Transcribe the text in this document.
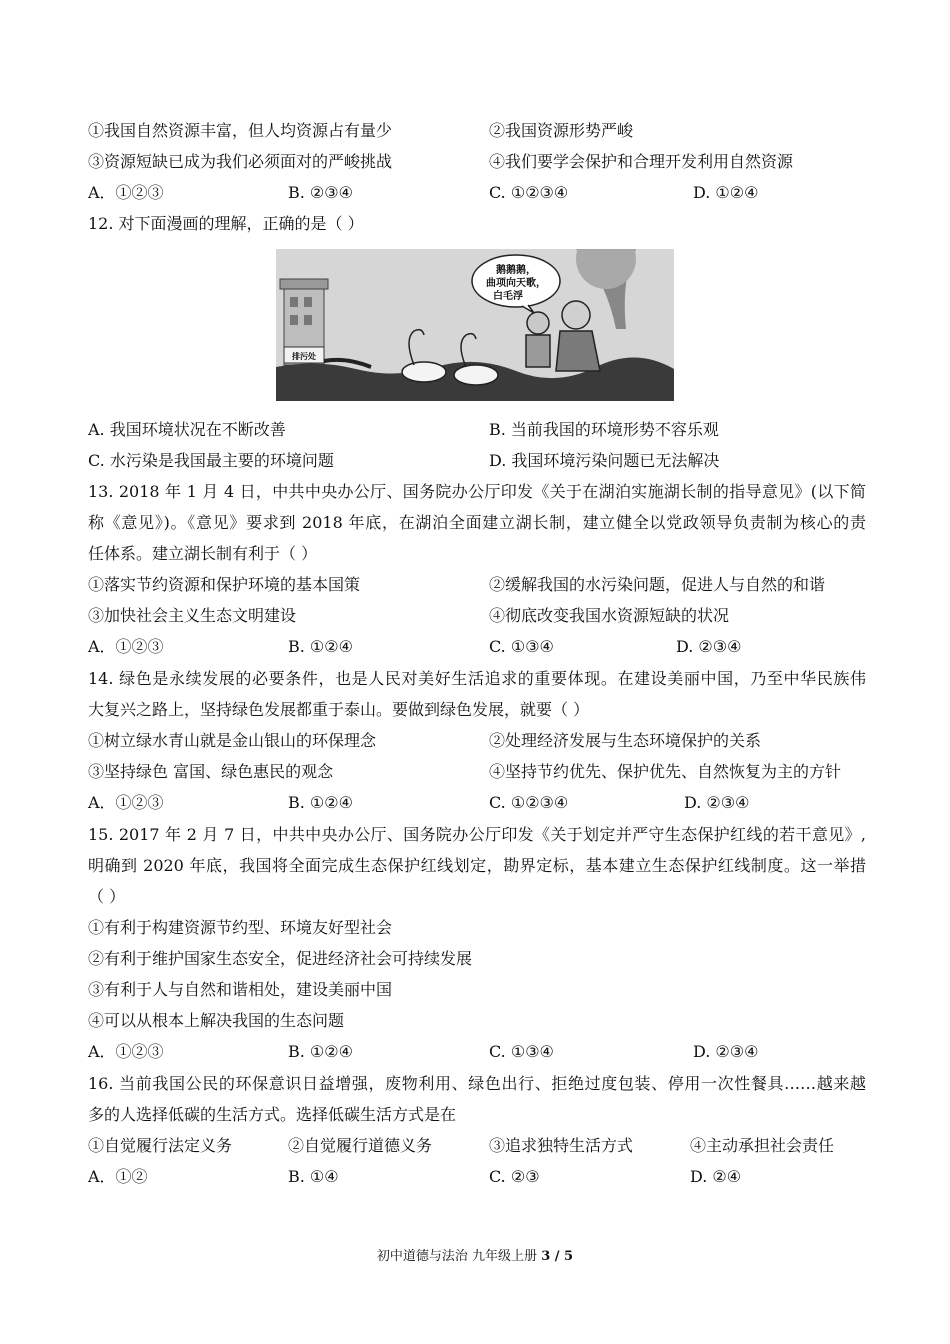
①我国自然资源丰富，但人均资源占有量少	②我国资源形势严峻
③资源短缺已成为我们必须面对的严峻挑战	④我们要学会保护和合理开发利用自然资源
A．①②③	B. ②③④	C. ①②③④	D. ①②④
12. 对下面漫画的理解，正确的是（ ）
鹅鹅鹅，
曲项向天歌，
白毛浮
排污处
A. 我国环境状况在不断改善	B. 当前我国的环境形势不容乐观
C. 水污染是我国最主要的环境问题	D. 我国环境污染问题已无法解决
13. 2018 年 1 月 4 日，中共中央办公厅、国务院办公厅印发《关于在湖泊实施湖长制的指导意见》(以下简
称《意见》)。《意见》要求到 2018 年底，在湖泊全面建立湖长制，建立健全以党政领导负责制为核心的责
任体系。建立湖长制有利于（ ）
①落实节约资源和保护环境的基本国策	②缓解我国的水污染问题，促进人与自然的和谐
③加快社会主义生态文明建设	④彻底改变我国水资源短缺的状况
A．①②③	B. ①②④	C. ①③④	D. ②③④
14. 绿色是永续发展的必要条件，也是人民对美好生活追求的重要体现。在建设美丽中国，乃至中华民族伟
大复兴之路上，坚持绿色发展都重于泰山。要做到绿色发展，就要（ ）
①树立绿水青山就是金山银山的环保理念	②处理经济发展与生态环境保护的关系
③坚持绿色 富国、绿色惠民的观念	④坚持节约优先、保护优先、自然恢复为主的方针
A．①②③	B. ①②④	C. ①②③④	D. ②③④
15. 2017 年 2 月 7 日，中共中央办公厅、国务院办公厅印发《关于划定并严守生态保护红线的若干意见》,
明确到 2020 年底，我国将全面完成生态保护红线划定，勘界定标，基本建立生态保护红线制度。这一举措
（ ）
①有利于构建资源节约型、环境友好型社会
②有利于维护国家生态安全，促进经济社会可持续发展
③有利于人与自然和谐相处，建设美丽中国
④可以从根本上解决我国的生态问题
A．①②③	B. ①②④	C. ①③④	D. ②③④
16. 当前我国公民的环保意识日益增强，废物利用、绿色出行、拒绝过度包装、停用一次性餐具……越来越
多的人选择低碳的生活方式。选择低碳生活方式是在
①自觉履行法定义务	②自觉履行道德义务	③追求独特生活方式	④主动承担社会责任
A．①②	B. ①④	C. ②③	D. ②④
初中道德与法治 九年级上册 3 / 5
